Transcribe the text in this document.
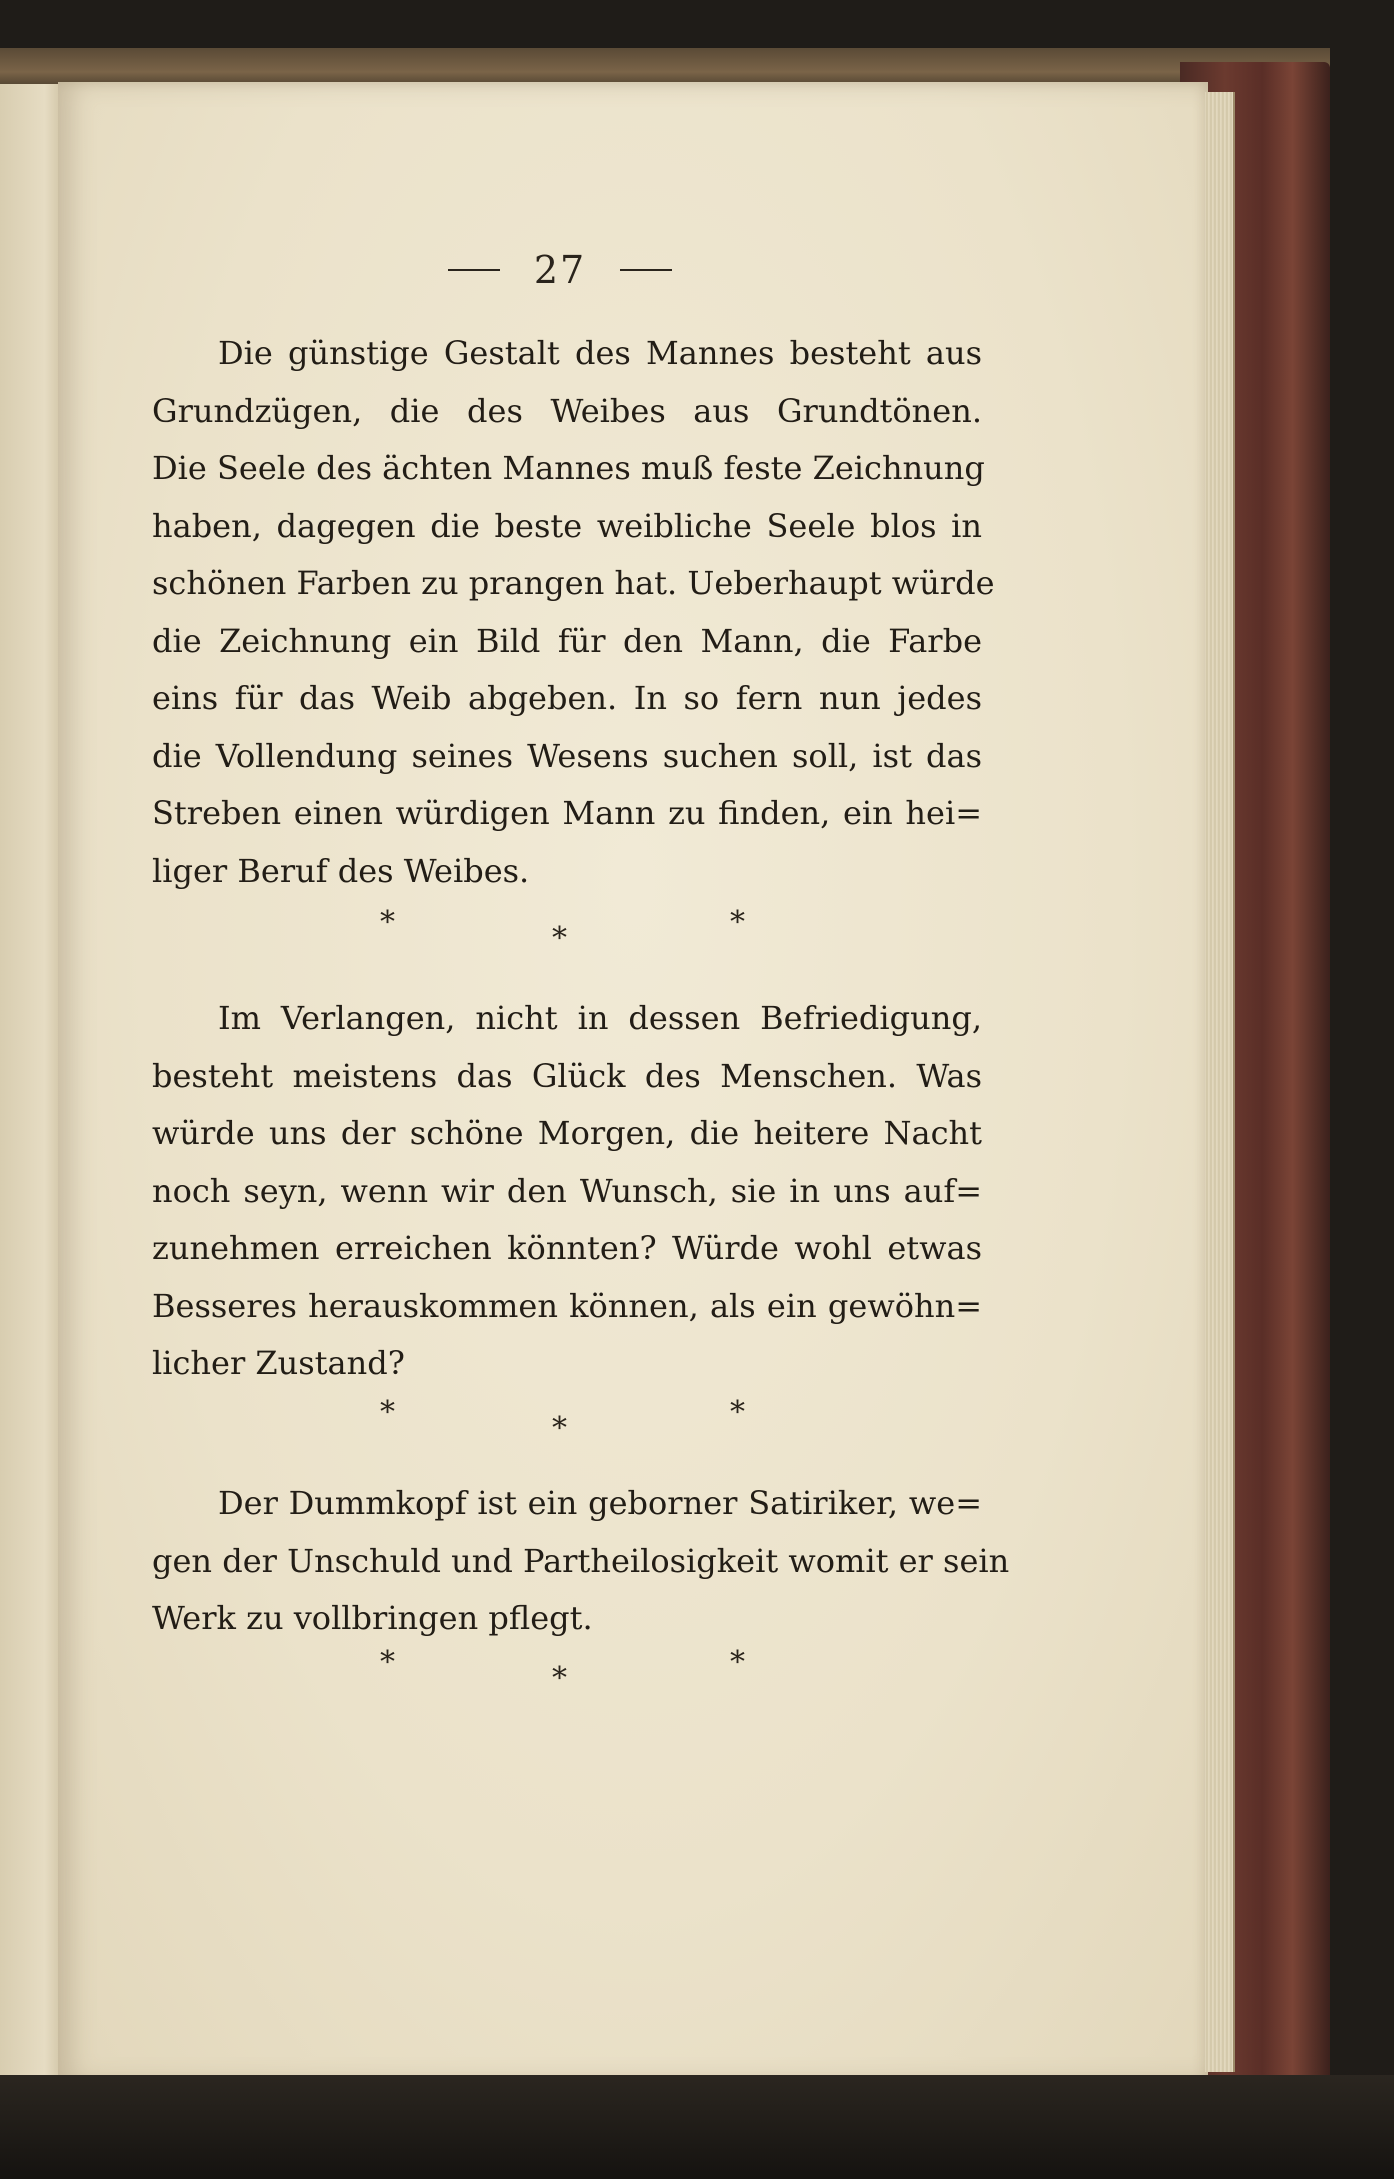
27
Die günstige Gestalt des Mannes besteht aus
Grundzügen, die des Weibes aus Grundtönen.
Die Seele des ächten Mannes muß feste Zeichnung
haben, dagegen die beste weibliche Seele blos in
schönen Farben zu prangen hat. Ueberhaupt würde
die Zeichnung ein Bild für den Mann, die Farbe
eins für das Weib abgeben. In so fern nun jedes
die Vollendung seines Wesens suchen soll, ist das
Streben einen würdigen Mann zu finden, ein hei=
liger Beruf des Weibes.
*	*	*
Im Verlangen, nicht in dessen Befriedigung,
besteht meistens das Glück des Menschen. Was
würde uns der schöne Morgen, die heitere Nacht
noch seyn, wenn wir den Wunsch, sie in uns auf=
zunehmen erreichen könnten? Würde wohl etwas
Besseres herauskommen können, als ein gewöhn=
licher Zustand?
*	*	*
Der Dummkopf ist ein geborner Satiriker, we=
gen der Unschuld und Partheilosigkeit womit er sein
Werk zu vollbringen pflegt.
*	*	*
